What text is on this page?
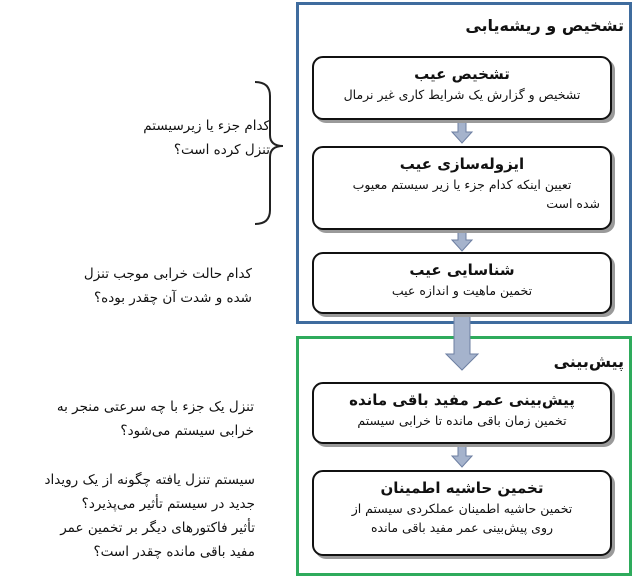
کدام جزء یا زیرسیستم
تنزل کرده است؟
کدام حالت خرابی موجب تنزل
شده و شدت آن چقدر بوده؟
تنزل یک جزء با چه سرعتی منجر به
خرابی سیستم می‌شود؟
سیستم تنزل یافته چگونه از یک رویداد
جدید در سیستم تأثیر می‌پذیرد؟
تأثیر فاکتورهای دیگر بر تخمین عمر
مفید باقی مانده چقدر است؟
تشخیص و ریشه‌یابی
پیش‌بینی
تشخیص عیب
تشخیص و گزارش یک شرایط کاری غیر نرمال
ایزوله‌سازی عیب
تعیین اینکه کدام جزء یا زیر سیستم معیوب
شده است
شناسایی عیب
تخمین ماهیت و اندازه عیب
پیش‌بینی عمر مفید باقی مانده
تخمین زمان باقی مانده تا خرابی سیستم
تخمین حاشیه اطمینان
تخمین حاشیه اطمینان عملکردی سیستم از
روی پیش‌بینی عمر مفید باقی مانده
